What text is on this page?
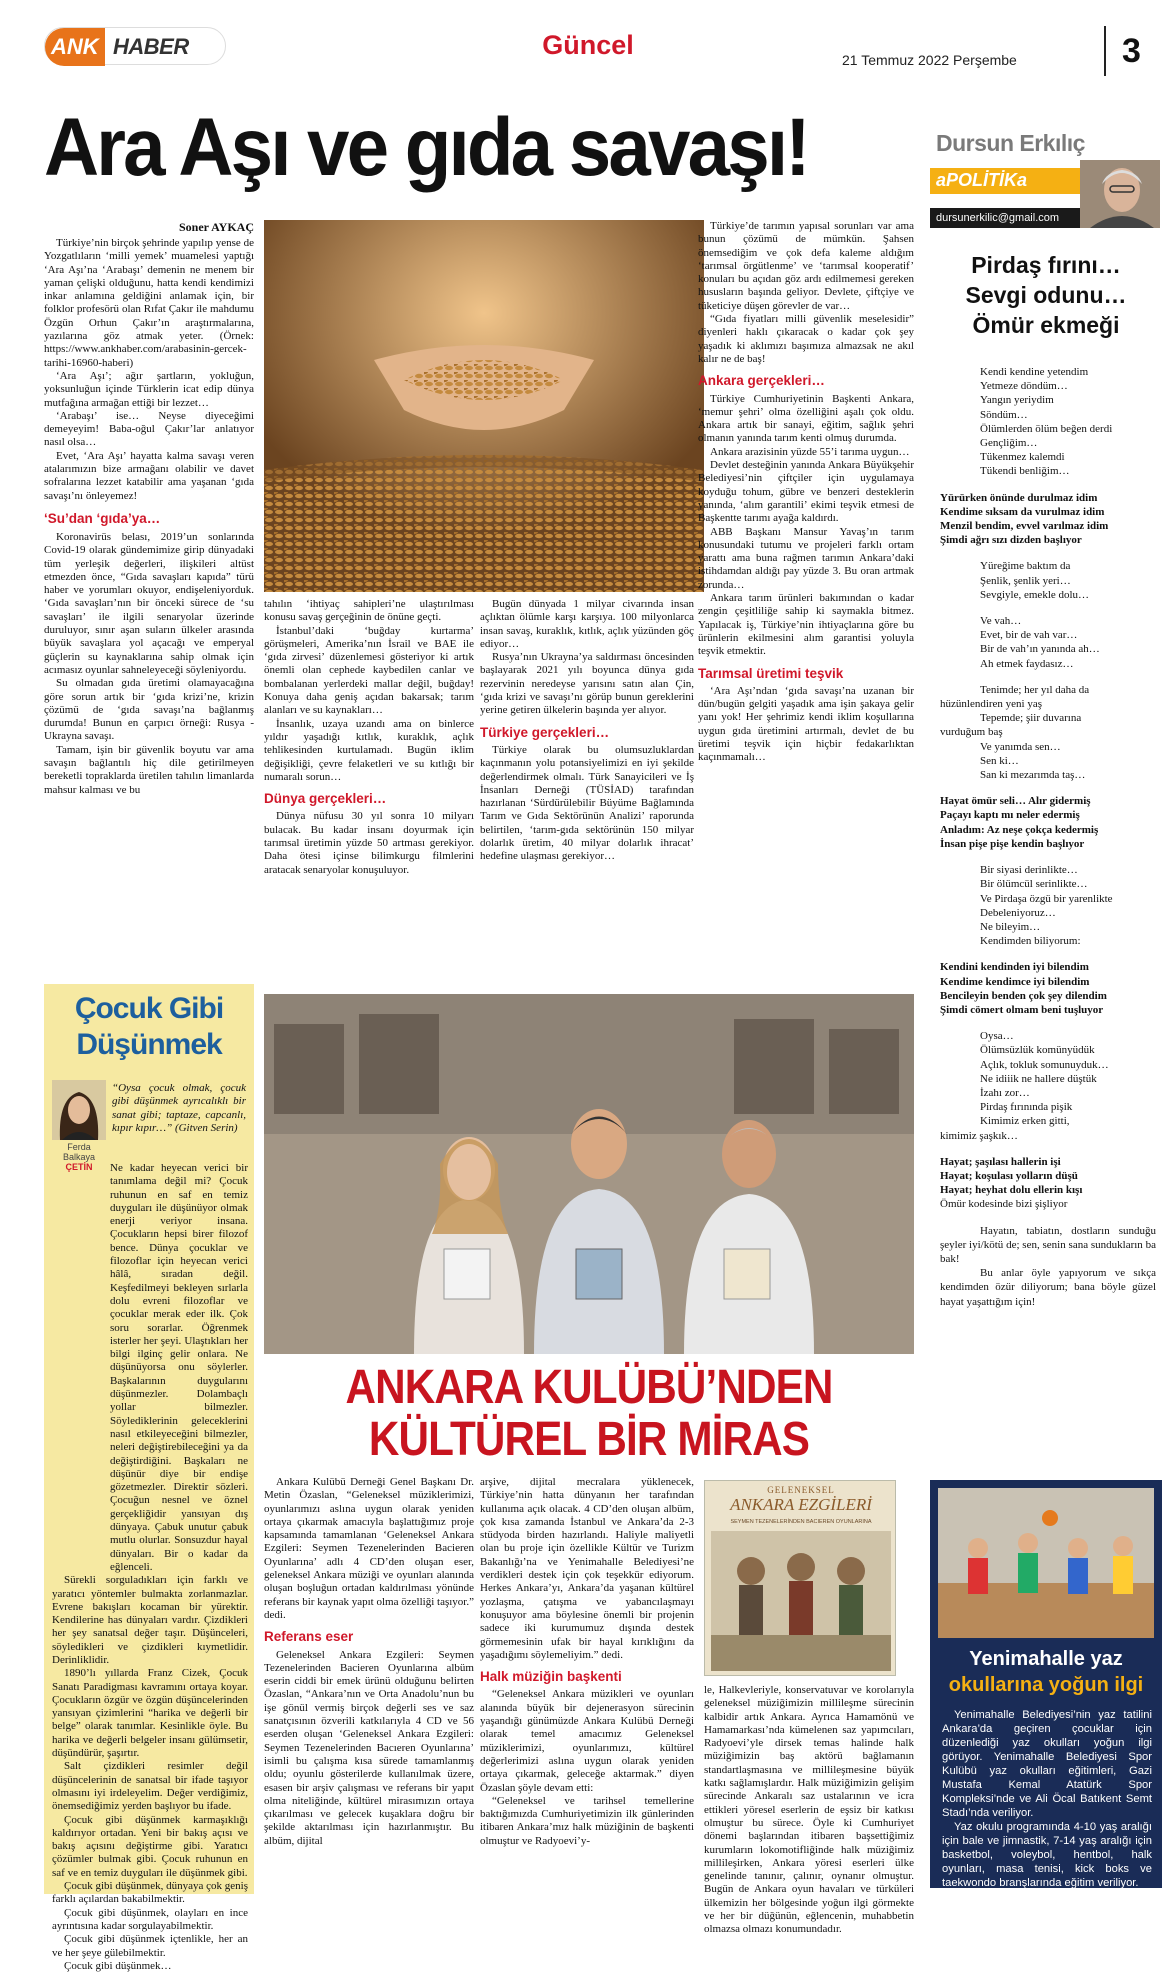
ANK HABER	Güncel	21 Temmuz 2022 Perşembe	3
Ara Aşı ve gıda savaşı!
Soner AYKAÇ

Türkiye’nin birçok şehrinde yapılıp yense de Yozgatlıların ‘milli yemek’ muamelesi yaptığı ‘Ara Aşı’na ‘Arabaşı’ demenin ne menem bir yaman çelişki olduğunu, hatta kendi kendimizi inkar anlamına geldiğini anlamak için, bir folklor profesörü olan Rıfat Çakır ile mahdumu Özgün Orhun Çakır’ın araştırmalarına, yazılarına göz atmak yeter. (Örnek: https://www.ankhaber.com/arabasinin-gercek-tarihi-16960-haberi)

‘Ara Aşı’; ağır şartların, yokluğun, yoksunluğun içinde Türklerin icat edip dünya mutfağına armağan ettiği bir lezzet…

‘Arabaşı’ ise… Neyse diyeceğimi demeyeyim! Baba-oğul Çakır’lar anlatıyor nasıl olsa…

Evet, ‘Ara Aşı’ hayatta kalma savaşı veren atalarımızın bize armağanı olabilir ve davet sofralarına lezzet katabilir ama yaşanan ‘gıda savaşı’nı önleyemez!

‘Su’dan ‘gıda’ya…

Koronavirüs belası, 2019’un sonlarında Covid-19 olarak gündemimize girip dünyadaki tüm yerleşik değerleri, ilişkileri altüst etmezden önce, “Gıda savaşları kapıda” türü haber ve yorumları okuyor, endişeleniyorduk. ‘Gıda savaşları’nın bir önceki sürece de ‘su savaşları’ ile ilgili senaryolar üzerinde duruluyor, sınır aşan suların ülkeler arasında büyük savaşlara yol açacağı ve emperyal güçlerin su kaynaklarına sahip olmak için acımasız oyunlar sahneleyeceği söyleniyordu.

Su olmadan gıda üretimi olamayacağına göre sorun artık bir ‘gıda krizi’ne, krizin çözümü de ‘gıda savaşı’na bağlanmış durumda! Bunun en çarpıcı örneği: Rusya - Ukrayna savaşı.

Tamam, işin bir güvenlik boyutu var ama savaşın bağlantılı hiç dile getirilmeyen bereketli topraklarda üretilen tahılın limanlarda mahsur kalması ve bu

tahılın ‘ihtiyaç sahipleri’ne ulaştırılması konusu savaş gerçeğinin de önüne geçti.

İstanbul’daki ‘buğday kurtarma’ görüşmeleri, Amerika’nın İsrail ve BAE ile ‘gıda zirvesi’ düzenlemesi gösteriyor ki artık önemli olan cephede kaybedilen canlar ve bombalanan yerlerdeki mallar değil, buğday! Konuya daha geniş açıdan bakarsak; tarım alanları ve su kaynakları…

İnsanlık, uzaya uzandı ama on binlerce yıldır yaşadığı kıtlık, kuraklık, açlık tehlikesinden kurtulamadı. Bugün iklim değişikliği, çevre felaketleri ve su kıtlığı bir numaralı sorun…

Dünya gerçekleri…

Dünya nüfusu 30 yıl sonra 10 milyarı bulacak. Bu kadar insanı doyurmak için tarımsal üretimin yüzde 50 artması gerekiyor. Daha ötesi içinse bilimkurgu filmlerini aratacak senaryolar konuşuluyor.

Bugün dünyada 1 milyar civarında insan açlıktan ölümle karşı karşıya. 100 milyonlarca insan savaş, kuraklık, kıtlık, açlık yüzünden göç ediyor…

Rusya’nın Ukrayna’ya saldırması öncesinden başlayarak 2021 yılı boyunca dünya gıda rezervinin neredeyse yarısını satın alan Çin, ‘gıda krizi ve savaşı’nı görüp bunun gereklerini yerine getiren ülkelerin başında yer alıyor.

Türkiye gerçekleri…

Türkiye olarak bu olumsuzluklardan kaçınmanın yolu potansiyelimizi en iyi şekilde değerlendirmek olmalı. Türk Sanayicileri ve İş İnsanları Derneği (TÜSİAD) tarafından hazırlanan ‘Sürdürülebilir Büyüme Bağlamında Tarım ve Gıda Sektörünün Analizi’ raporunda belirtilen, ‘tarım-gıda sektörünün 150 milyar dolarlık üretim, 40 milyar dolarlık ihracat’ hedefine ulaşması gerekiyor…

Türkiye’de tarımın yapısal sorunları var ama bunun çözümü de mümkün. Şahsen önemsediğim ve çok defa kaleme aldığım ‘tarımsal örgütlenme’ ve ‘tarımsal kooperatif’ konuları bu açıdan göz ardı edilmemesi gereken hususların başında geliyor. Devlete, çiftçiye ve tüketiciye düşen görevler de var…

“Gıda fiyatları milli güvenlik meselesidir” diyenleri haklı çıkaracak o kadar çok şey yaşadık ki aklımızı başımıza almazsak ne akıl kalır ne de baş!

Ankara gerçekleri…

Türkiye Cumhuriyetinin Başkenti Ankara, ‘memur şehri’ olma özelliğini aşalı çok oldu. Ankara artık bir sanayi, eğitim, sağlık şehri olmanın yanında tarım kenti olmuş durumda.

Ankara arazisinin yüzde 55’i tarıma uygun…

Devlet desteğinin yanında Ankara Büyükşehir Belediyesi’nin çiftçiler için uygulamaya koyduğu tohum, gübre ve benzeri desteklerin yanında, ‘alım garantili’ ekimi teşvik etmesi de Başkentte tarımı ayağa kaldırdı.

ABB Başkanı Mansur Yavaş’ın tarım konusundaki tutumu ve projeleri farklı ortam yarattı ama buna rağmen tarımın Ankara’daki istihdamdan aldığı pay yüzde 3. Bu oran artmak zorunda…

Ankara tarım ürünleri bakımından o kadar zengin çeşitliliğe sahip ki saymakla bitmez. Yapılacak iş, Türkiye’nin ihtiyaçlarına göre bu ürünlerin ekilmesini alım garantisi yoluyla teşvik etmektir.

Tarımsal üretimi teşvik

‘Ara Aşı’ndan ‘gıda savaşı’na uzanan bir dün/bugün gelgiti yaşadık ama işin şakaya gelir yanı yok! Her şehrimiz kendi iklim koşullarına uygun gıda üretimini artırmalı, devlet de bu üretimi teşvik için hiçbir fedakarlıktan kaçınmamalı…

Dursun Erkılıç
aPOLİTİKa
dursunerkilic@gmail.com
Pirdaş fırını… Sevgi odunu… Ömür ekmeği

Kendi kendine yetendim

Yetmeze döndüm…

Yangın yeriydim

Söndüm…

Ölümlerden ölüm beğen derdi

Gençliğim…

Tükenmez kalemdi

Tükendi benliğim…

Yürürken önünde durulmaz idim

Kendime sıksam da vurulmaz idim

Menzil bendim, evvel varılmaz idim

Şimdi ağrı sızı dizden başlıyor

Yüreğime baktım da

Şenlik, şenlik yeri…

Sevgiyle, emekle dolu…

Ve vah…

Evet, bir de vah var…

Bir de vah’ın yanında ah…

Ah etmek faydasız…

Tenimde; her yıl daha da

hüzünlendiren yeni yaş

Tepemde; şiir duvarına

vurduğum baş

Ve yanımda sen…

Sen ki…

San ki mezarımda taş…

Hayat ömür seli… Alır gidermiş

Paçayı kaptı mı neler edermiş

Anladım: Az neşe çokça kedermiş

İnsan pişe pişe kendin başlıyor

Bir siyasi derinlikte…

Bir ölümcül serinlikte…

Ve Pirdaşa özgü bir yarenlikte

Debeleniyoruz…

Ne bileyim…

Kendimden biliyorum:

Kendini kendinden iyi bilendim

Kendime kendimce iyi bilendim

Bencileyin benden çok şey dilendim

Şimdi cömert olmam beni tuşluyor

Oysa…

Ölümsüzlük komünyüdük

Açlık, tokluk somunuyduk…

Ne idiiik ne hallere düştük

İzahı zor…

Pirdaş fırınında pişik

Kimimiz erken gitti,

kimimiz şaşkık…

Hayat; şaşılası hallerin işi

Hayat; koşulası yolların düşü

Hayat; heyhat dolu ellerin kışı

Ömür kodesinde bizi şişliyor

Hayatın, tabiatın, dostların sunduğu şeyler iyi/kötü de; sen, senin sana sundukların ba bak!

Bu anlar öyle yapıyorum ve sıkça kendimden özür diliyorum; bana böyle güzel hayat yaşattığım için!

Yenimahalle yaz
okullarına yoğun ilgi

Yenimahalle Belediyesi’nin yaz tatilini Ankara’da geçiren çocuklar için düzenlediği yaz okulları yoğun ilgi görüyor. Yenimahalle Belediyesi Spor Kulübü yaz okulları eğitimleri, Gazi Mustafa Kemal Atatürk Spor Kompleksi’nde ve Ali Öcal Batıkent Semt Stadı’nda veriliyor.

Yaz okulu programında 4-10 yaş aralığı için bale ve jimnastik, 7-14 yaş aralığı için basketbol, voleybol, hentbol, halk oyunları, masa tenisi, kick boks ve taekwondo branşlarında eğitim veriliyor.

Çocuk Gibi
Düşünmek
Ferda
Balkaya
ÇETİN
“Oysa çocuk olmak, çocuk gibi düşünmek ayrıcalıklı bir sanat gibi; taptaze, capcanlı, kıpır kıpır…” (Gitven Serin)

Ne kadar heyecan verici bir tanımlama değil mi? Çocuk ruhunun en saf en temiz duyguları ile düşünüyor olmak enerji veriyor insana. Çocukların hepsi birer filozof bence. Dünya çocuklar ve filozoflar için heyecan verici hâlâ, sıradan değil. Keşfedilmeyi bekleyen sırlarla dolu evreni filozoflar ve çocuklar merak eder ilk. Çok soru sorarlar. Öğrenmek isterler her şeyi. Ulaştıkları her bilgi ilginç gelir onlara. Ne düşünüyorsa onu söylerler. Başkalarının duygularını düşünmezler. Dolambaçlı yollar bilmezler. Söylediklerinin geleceklerini nasıl etkileyeceğini bilmezler, neleri değiştirebileceğini ya da değiştirdiğini. Başkaları ne düşünür diye bir endişe gözetmezler. Direktir sözleri. Çocuğun nesnel ve öznel gerçekliğidir yansıyan dış dünyaya. Çabuk unutur çabuk mutlu olurlar. Sonsuzdur hayal dünyaları. Bir o kadar da eğlenceli.

Sürekli sorguladıkları için farklı ve yaratıcı yöntemler bulmakta zorlanmazlar. Evrene bakışları kocaman bir yürektir. Kendilerine has dünyaları vardır. Çizdikleri her şey sanatsal değer taşır. Düşünceleri, söyledikleri ve çizdikleri kıymetlidir. Derinliklidir.

1890’lı yıllarda Franz Cizek, Çocuk Sanatı Paradigması kavramını ortaya koyar. Çocukların özgür ve özgün düşüncelerinden yansıyan çizimlerini “harika ve değerli bir belge” olarak tanımlar. Kesinlikle öyle. Bu harika ve değerli belgeler insanı gülümsetir, düşündürür, şaşırtır.

Salt çizdikleri resimler değil düşüncelerinin de sanatsal bir ifade taşıyor olmasını iyi irdeleyelim. Değer verdiğimiz, önemsediğimiz yerden başlıyor bu ifade.

Çocuk gibi düşünmek karmaşıklığı kaldırıyor ortadan. Yeni bir bakış açısı ve bakış açısını değiştirme gibi. Yaratıcı çözümler bulmak gibi. Çocuk ruhunun en saf ve en temiz duyguları ile düşünmek gibi.

Çocuk gibi düşünmek, dünyaya çok geniş farklı açılardan bakabilmektir.

Çocuk gibi düşünmek, olayları en ince ayrıntısına kadar sorgulayabilmektir.

Çocuk gibi düşünmek içtenlikle, her an ve her şeye gülebilmektir.

Çocuk gibi düşünmek…

ANKARA KULÜBÜ’NDEN
KÜLTÜREL BİR MİRAS

Ankara Kulübü Derneği Genel Başkanı Dr. Metin Özaslan, “Geleneksel müziklerimizi, oyunlarımızı aslına uygun olarak yeniden ortaya çıkarmak amacıyla başlattığımız proje kapsamında tamamlanan ‘Geleneksel Ankara Ezgileri: Seymen Tezenelerinden Bacieren Oyunlarına’ adlı 4 CD’den oluşan eser, geleneksel Ankara müziği ve oyunları alanında oluşan boşluğun ortadan kaldırılması yönünde referans bir kaynak yapıt olma özelliği taşıyor.” dedi.

Referans eser

Geleneksel Ankara Ezgileri: Seymen Tezenelerinden Bacieren Oyunlarına albüm eserin ciddi bir emek ürünü olduğunu belirten Özaslan, “Ankara’nın ve Orta Anadolu’nun bu işe gönül vermiş birçok değerli ses ve saz sanatçısının özverili katkılarıyla 4 CD ve 56 eserden oluşan ‘Geleneksel Ankara Ezgileri: Seymen Tezenelerinden Bacıeren Oyunlarına’ isimli bu çalışma kısa sürede tamamlanmış oldu; oyunlu gösterilerde kullanılmak üzere, esasen bir arşiv çalışması ve referans bir yapıt olma niteliğinde, kültürel mirasımızın ortaya çıkarılması ve gelecek kuşaklara doğru bir şekilde aktarılması için hazırlanmıştır. Bu albüm, dijital

arşive, dijital mecralara yüklenecek, Türkiye’nin hatta dünyanın her tarafından kullanıma açık olacak. 4 CD’den oluşan albüm, çok kısa zamanda İstanbul ve Ankara’da 2-3 stüdyoda birden hazırlandı. Haliyle maliyetli olan bu proje için özellikle Kültür ve Turizm Bakanlığı’na ve Yenimahalle Belediyesi’ne verdikleri destek için çok teşekkür ediyorum. Herkes Ankara’yı, Ankara’da yaşanan kültürel yozlaşma, çatışma ve yabancılaşmayı konuşuyor ama böylesine önemli bir projenin sadece iki kurumumuz dışında destek görmemesinin ufak bir hayal kırıklığını da yaşadığımı söylemeliyim.” dedi.

Halk müziğin başkenti

“Geleneksel Ankara müzikleri ve oyunları alanında büyük bir dejenerasyon sürecinin yaşandığı günümüzde Ankara Kulübü Derneği olarak temel amacımız Geleneksel müziklerimizi, oyunlarımızı, kültürel değerlerimizi aslına uygun olarak yeniden ortaya çıkarmak, geleceğe aktarmak.” diyen Özaslan şöyle devam etti:

“Geleneksel ve tarihsel temellerine baktığımızda Cumhuriyetimizin ilk günlerinden itibaren Ankara’mız halk müziğinin de başkenti olmuştur ve Radyoevi’y-

GELENEKSEL
ANKARA EZGİLERİ
SEYMEN TEZENELERİNDEN BACIEREN OYUNLARINA

le, Halkevleriyle, konservatuvar ve korolarıyla geleneksel müziğimizin millileşme sürecinin kalbidir artık Ankara. Ayrıca Hamamönü ve Hamamarkası’nda kümelenen saz yapımcıları, Radyoevi’yle dirsek temas halinde halk müziğimizin baş aktörü bağlamanın standartlaşmasına ve millileşmesine büyük katkı sağlamışlardır. Halk müziğimizin gelişim sürecinde Ankaralı saz ustalarının ve icra ettikleri yöresel eserlerin de eşsiz bir katkısı olmuştur bu sürece. Öyle ki Cumhuriyet dönemi başlarından itibaren başsettiğimiz kurumların lokomotifliğinde halk müziğimiz millileşirken, Ankara yöresi eserleri ülke genelinde tanınır, çalınır, oynanır olmuştur. Bugün de Ankara oyun havaları ve türküleri ülkemizin her bölgesinde yoğun ilgi görmekte ve her bir düğünün, eğlencenin, muhabbetin olmazsa olmazı konumundadır.
